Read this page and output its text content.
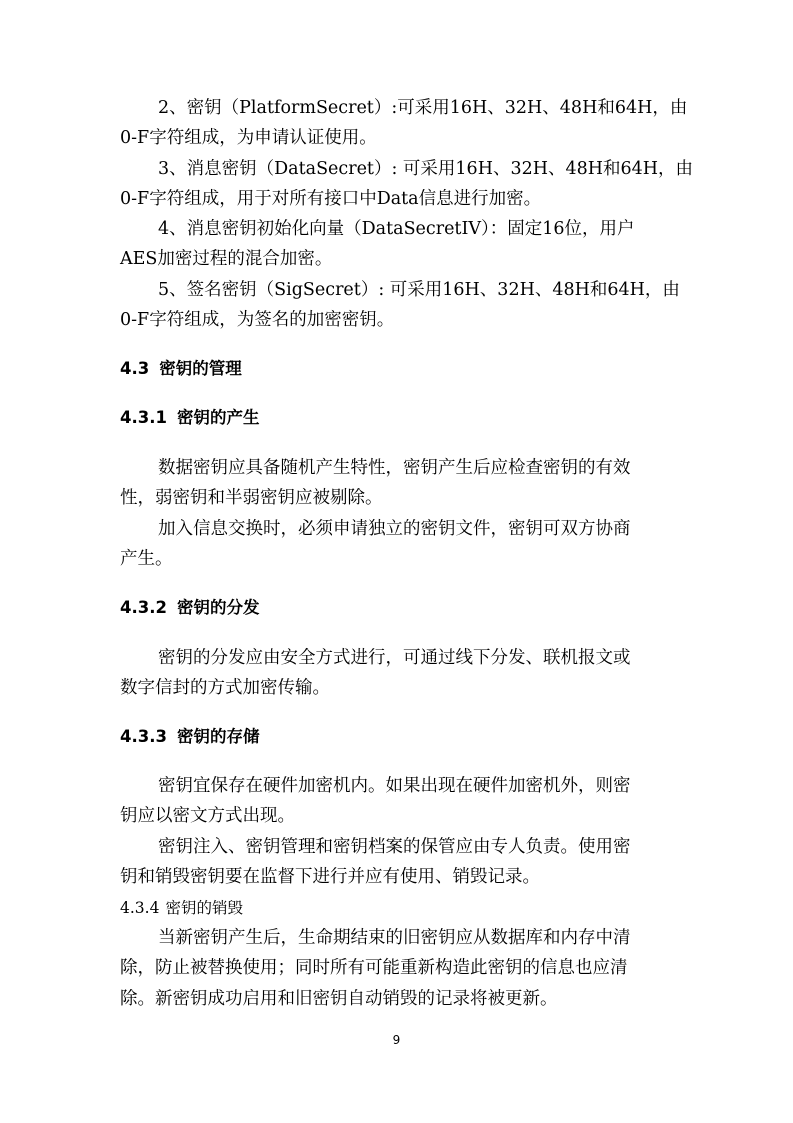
2、密钥（PlatformSecret）:可采用16H、32H、48H和64H，由
0-F字符组成，为申请认证使用。
3、消息密钥（DataSecret）: 可采用16H、32H、48H和64H，由
0-F字符组成，用于对所有接口中Data信息进行加密。
4、消息密钥初始化向量（DataSecretIV）：固定16位，用户
AES加密过程的混合加密。
5、签名密钥（SigSecret）: 可采用16H、32H、48H和64H，由
0-F字符组成，为签名的加密密钥。
4.3 密钥的管理
4.3.1 密钥的产生
数据密钥应具备随机产生特性，密钥产生后应检查密钥的有效
性，弱密钥和半弱密钥应被剔除。
加入信息交换时，必须申请独立的密钥文件，密钥可双方协商
产生。
4.3.2 密钥的分发
密钥的分发应由安全方式进行，可通过线下分发、联机报文或
数字信封的方式加密传输。
4.3.3 密钥的存储
密钥宜保存在硬件加密机内。如果出现在硬件加密机外，则密
钥应以密文方式出现。
密钥注入、密钥管理和密钥档案的保管应由专人负责。使用密
钥和销毁密钥要在监督下进行并应有使用、销毁记录。
4.3.4 密钥的销毁
当新密钥产生后，生命期结束的旧密钥应从数据库和内存中清
除，防止被替换使用；同时所有可能重新构造此密钥的信息也应清
除。新密钥成功启用和旧密钥自动销毁的记录将被更新。
9
